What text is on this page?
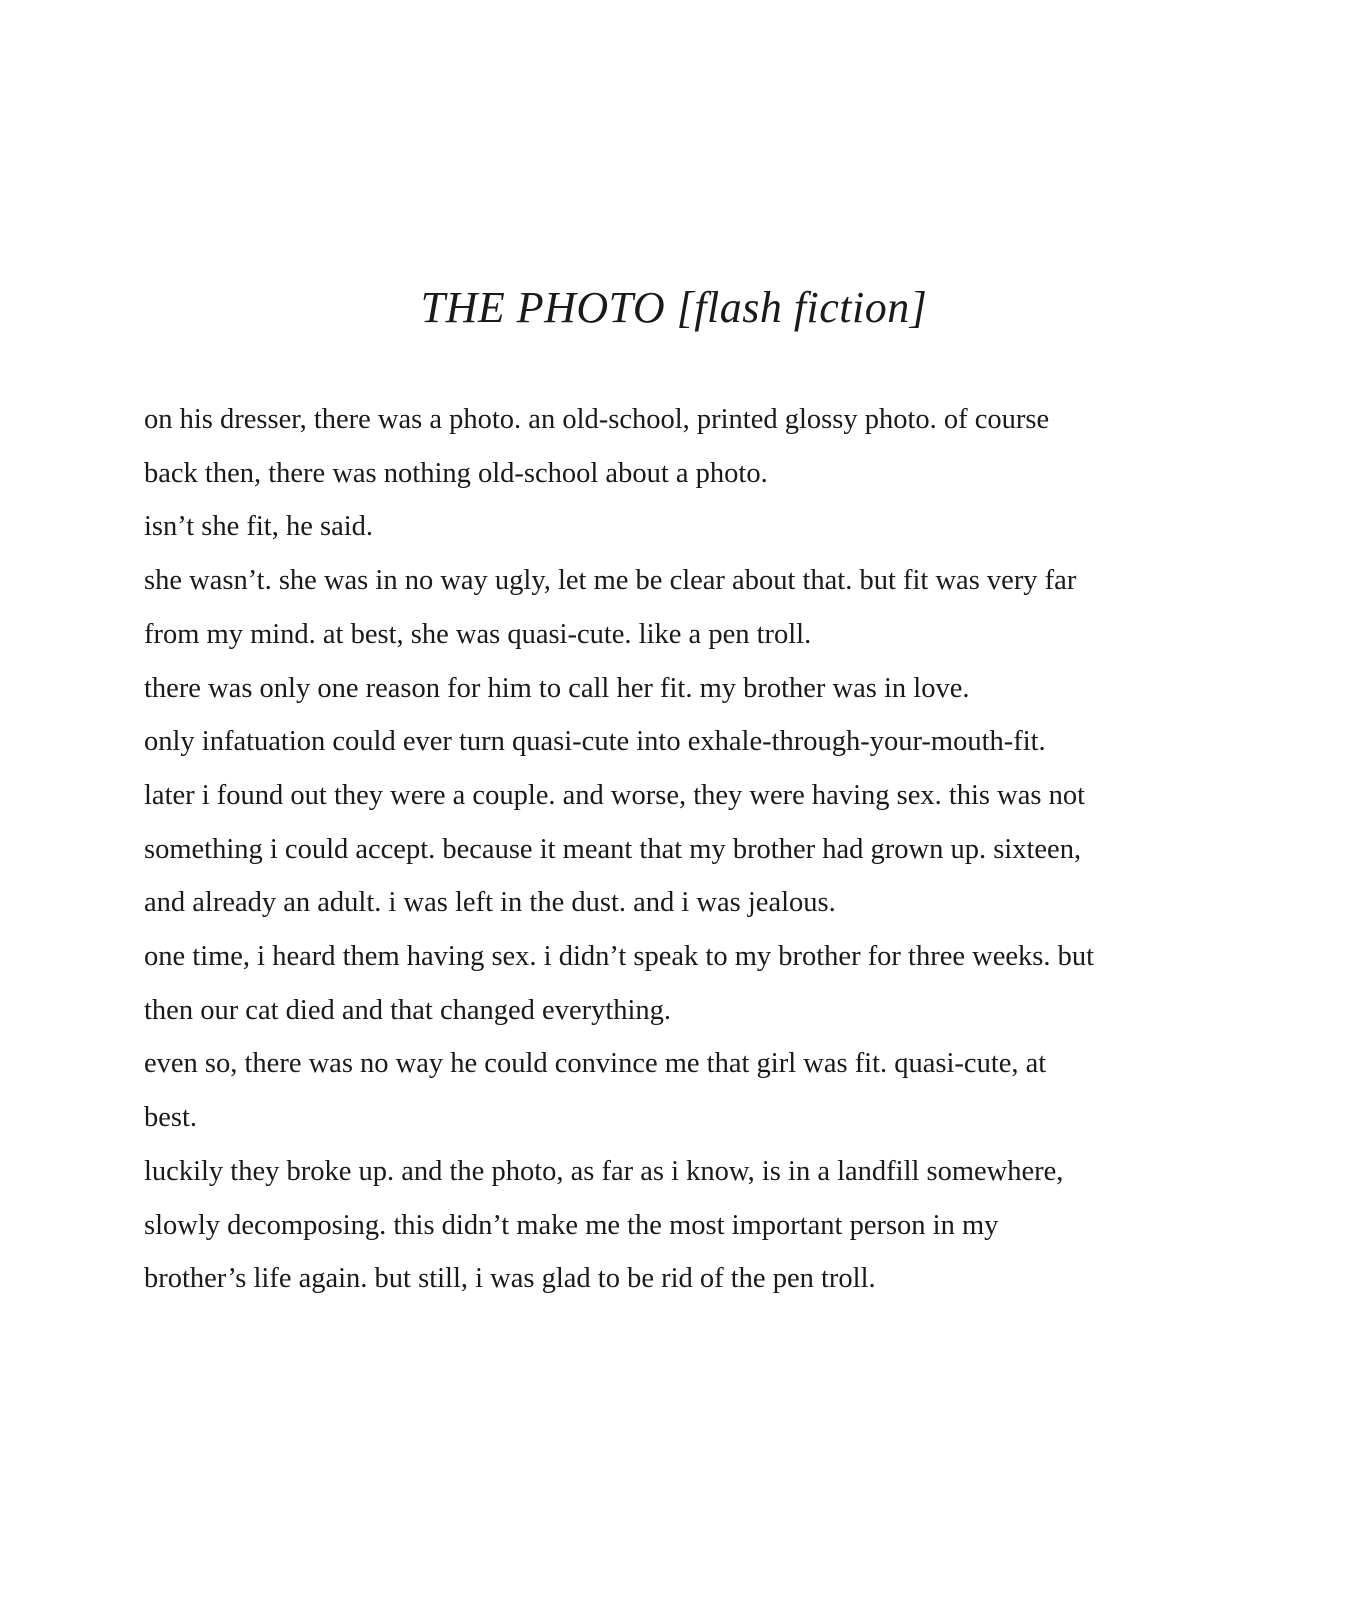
THE PHOTO [flash fiction]
on his dresser, there was a photo. an old-school, printed glossy photo. of course
back then, there was nothing old-school about a photo.
isn’t she fit, he said.
she wasn’t. she was in no way ugly, let me be clear about that. but fit was very far
from my mind. at best, she was quasi-cute. like a pen troll.
there was only one reason for him to call her fit. my brother was in love.
only infatuation could ever turn quasi-cute into exhale-through-your-mouth-fit.
later i found out they were a couple. and worse, they were having sex. this was not
something i could accept. because it meant that my brother had grown up. sixteen,
and already an adult. i was left in the dust. and i was jealous.
one time, i heard them having sex. i didn’t speak to my brother for three weeks. but
then our cat died and that changed everything.
even so, there was no way he could convince me that girl was fit. quasi-cute, at
best.
luckily they broke up. and the photo, as far as i know, is in a landfill somewhere,
slowly decomposing. this didn’t make me the most important person in my
brother’s life again. but still, i was glad to be rid of the pen troll.
